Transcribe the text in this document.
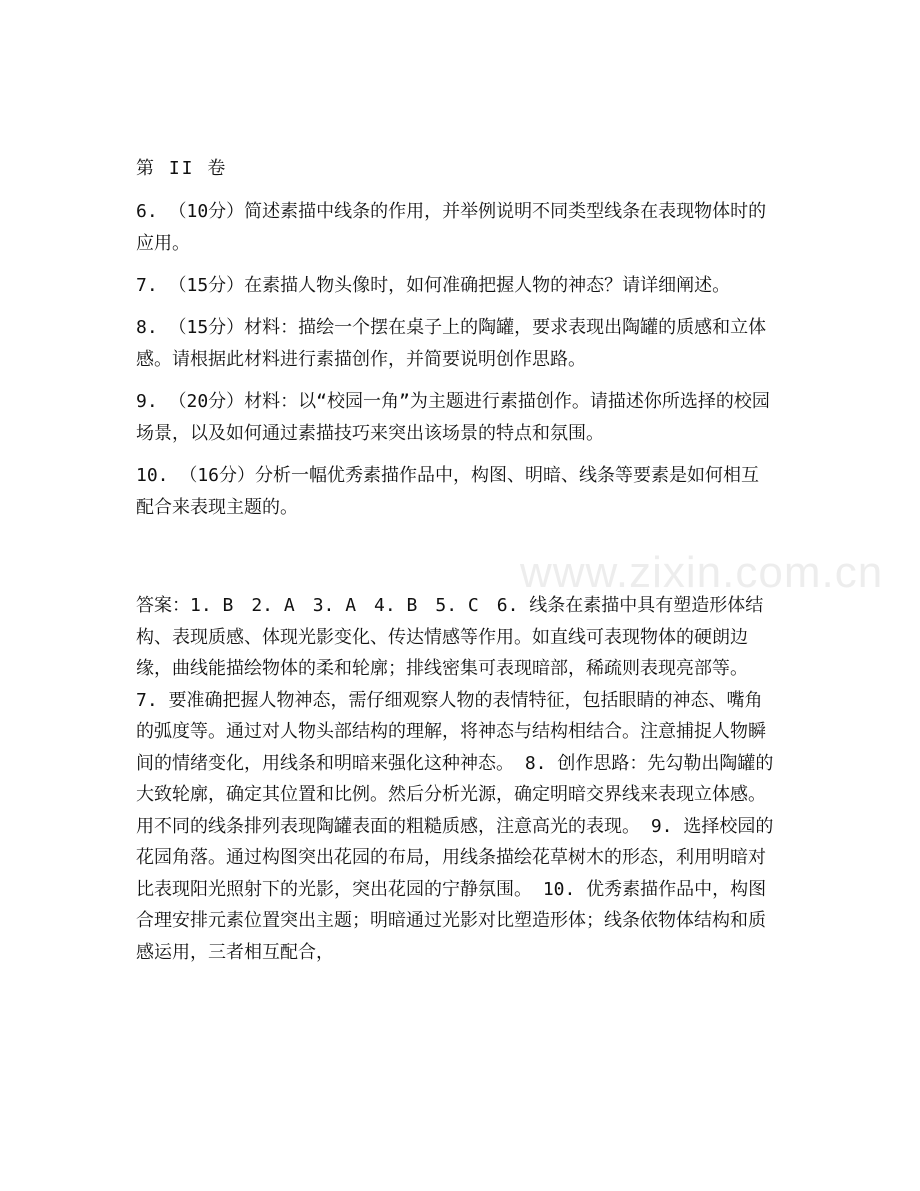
第 II 卷
6. （10分）简述素描中线条的作用，并举例说明不同类型线条在表现物体时的应用。
7. （15分）在素描人物头像时，如何准确把握人物的神态？请详细阐述。
8. （15分）材料：描绘一个摆在桌子上的陶罐，要求表现出陶罐的质感和立体感。请根据此材料进行素描创作，并简要说明创作思路。
9. （20分）材料：以“校园一角”为主题进行素描创作。请描述你所选择的校园场景，以及如何通过素描技巧来突出该场景的特点和氛围。
10. （16分）分析一幅优秀素描作品中，构图、明暗、线条等要素是如何相互配合来表现主题的。
答案：1. B　2. A　3. A　4. B　5. C　6. 线条在素描中具有塑造形体结构、表现质感、体现光影变化、传达情感等作用。如直线可表现物体的硬朗边缘，曲线能描绘物体的柔和轮廓；排线密集可表现暗部，稀疏则表现亮部等。 7. 要准确把握人物神态，需仔细观察人物的表情特征，包括眼睛的神态、嘴角的弧度等。通过对人物头部结构的理解，将神态与结构相结合。注意捕捉人物瞬间的情绪变化，用线条和明暗来强化这种神态。 8. 创作思路：先勾勒出陶罐的大致轮廓，确定其位置和比例。然后分析光源，确定明暗交界线来表现立体感。用不同的线条排列表现陶罐表面的粗糙质感，注意高光的表现。 9. 选择校园的花园角落。通过构图突出花园的布局，用线条描绘花草树木的形态，利用明暗对比表现阳光照射下的光影，突出花园的宁静氛围。 10. 优秀素描作品中，构图合理安排元素位置突出主题；明暗通过光影对比塑造形体；线条依物体结构和质感运用，三者相互配合，
www.zixin.com.cn
